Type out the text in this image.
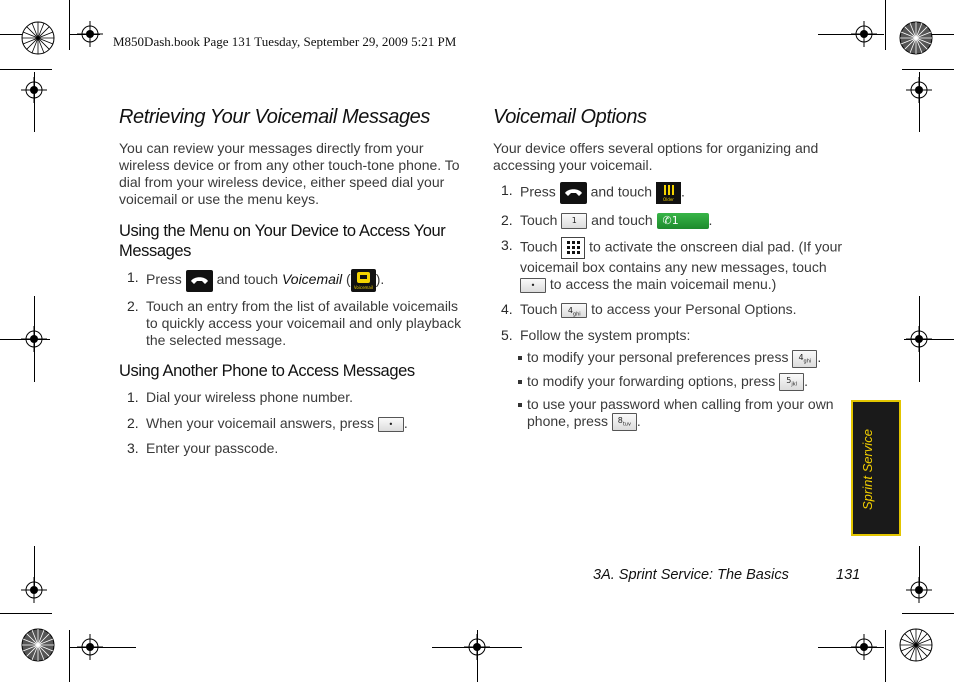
M850Dash.book Page 131 Tuesday, September 29, 2009 5:21 PM
Retrieving Your Voicemail Messages

You can review your messages directly from your wireless device or from any other touch-tone phone. To dial from your wireless device, either speed dial your voicemail or use the menu keys.

Using the Menu on Your Device to Access Your Messages
1. Press and touch Voicemail (
Voicemail
).
2. Touch an entry from the list of available voicemails to quickly access your voicemail and only playback the selected message.
Using Another Phone to Access Messages
1. Dial your wireless phone number.
2. When your voicemail answers, press • .
3. Enter your passcode.
Voicemail Options

Your device offers several options for organizing and accessing your voicemail.

1. Press and touch	Older .
2. Touch 1 and touch ✆1 .
3. Touch to activate the onscreen dial pad. (If your voicemail box contains any new messages, touch • to access the main voicemail menu.)
4. Touch $4_{ghi}$ to access your Personal Options.
5. Follow the system prompts:
to modify your personal preferences press $4_{ghi}$ .
to modify your forwarding options, press $5_{jkl}$ .
to use your password when calling from your own phone, press $8_{tuv}$ .
Sprint Service
3A. Sprint Service: The Basics	131
